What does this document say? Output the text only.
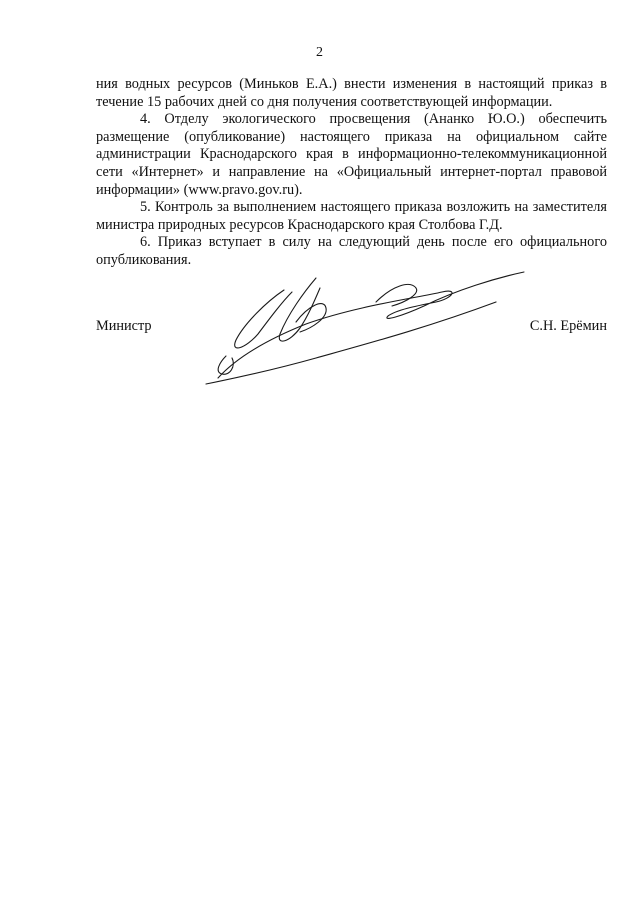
2

ния водных ресурсов (Миньков Е.А.) внести изменения в настоящий приказ в течение 15 рабочих дней со дня получения соответствующей информации.

4. Отделу экологического просвещения (Ананко Ю.О.) обеспечить размещение (опубликование) настоящего приказа на официальном сайте администрации Краснодарского края в информационно-телекоммуникационной сети «Интернет» и направление на «Официальный интернет-портал правовой информации» (www.pravo.gov.ru).

5. Контроль за выполнением настоящего приказа возложить на заместителя министра природных ресурсов Краснодарского края Столбова Г.Д.

6. Приказ вступает в силу на следующий день после его официального опубликования.

Министр	С.Н. Ерёмин
